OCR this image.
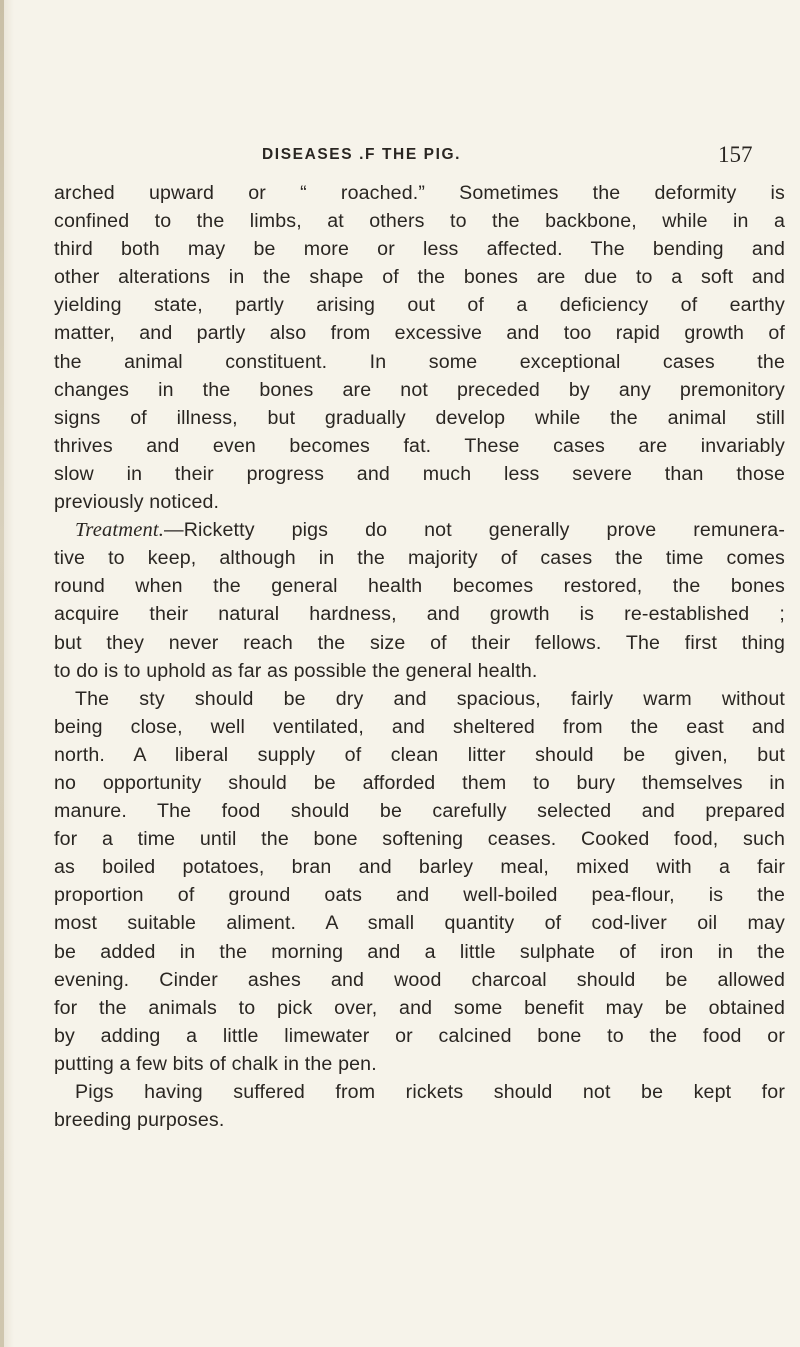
DISEASES .F THE PIG.	157
arched upward or “ roached.” Sometimes the deformity is
confined to the limbs, at others to the backbone, while in a
third both may be more or less affected. The bending and
other alterations in the shape of the bones are due to a soft and
yielding state, partly arising out of a deficiency of earthy
matter, and partly also from excessive and too rapid growth of
the animal constituent. In some exceptional cases the
changes in the bones are not preceded by any premonitory
signs of illness, but gradually develop while the animal still
thrives and even becomes fat. These cases are invariably
slow in their progress and much less severe than those
previously noticed.
Treatment.—Ricketty pigs do not generally prove remunera-
tive to keep, although in the majority of cases the time comes
round when the general health becomes restored, the bones
acquire their natural hardness, and growth is re-established ;
but they never reach the size of their fellows. The first thing
to do is to uphold as far as possible the general health.
The sty should be dry and spacious, fairly warm without
being close, well ventilated, and sheltered from the east and
north. A liberal supply of clean litter should be given, but
no opportunity should be afforded them to bury themselves in
manure. The food should be carefully selected and prepared
for a time until the bone softening ceases. Cooked food, such
as boiled potatoes, bran and barley meal, mixed with a fair
proportion of ground oats and well-boiled pea-flour, is the
most suitable aliment. A small quantity of cod-liver oil may
be added in the morning and a little sulphate of iron in the
evening. Cinder ashes and wood charcoal should be allowed
for the animals to pick over, and some benefit may be obtained
by adding a little limewater or calcined bone to the food or
putting a few bits of chalk in the pen.
Pigs having suffered from rickets should not be kept for
breeding purposes.
